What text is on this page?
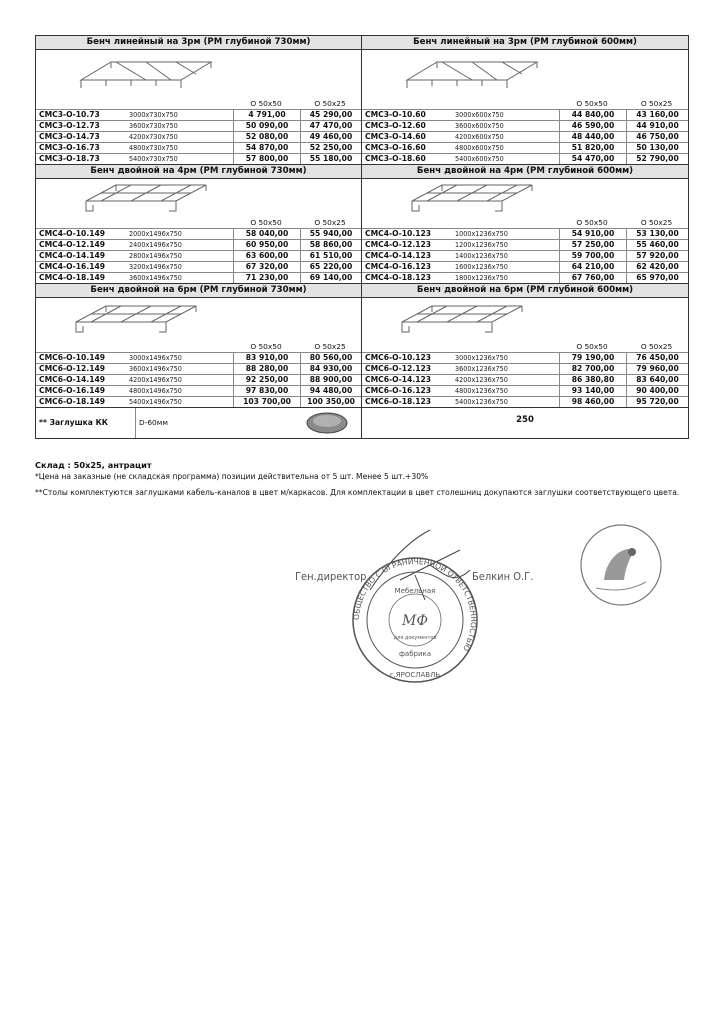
Бенч линейный на 3рм (РМ глубиной 730мм)
О 50х50	О 50х25
СМС3-О-10.73	3000х730х750	4 791,00	45 290,00
СМС3-О-12.73	3600х730х750	50 090,00	47 470,00
СМС3-О-14.73	4200х730х750	52 080,00	49 460,00
СМС3-О-16.73	4800х730х750	54 870,00	52 250,00
СМС3-О-18.73	5400х730х750	57 800,00	55 180,00
Бенч линейный на 3рм (РМ глубиной 600мм)
О 50х50	О 50х25
СМС3-О-10.60	3000х600х750	44 840,00	43 160,00
СМС3-О-12.60	3600х600х750	46 590,00	44 910,00
СМС3-О-14.60	4200х600х750	48 440,00	46 750,00
СМС3-О-16.60	4800х600х750	51 820,00	50 130,00
СМС3-О-18.60	5400х600х750	54 470,00	52 790,00
Бенч двойной на 4рм (РМ глубиной 730мм)
О 50х50	О 50х25
СМС4-О-10.149	2000х1496х750	58 040,00	55 940,00
СМС4-О-12.149	2400х1496х750	60 950,00	58 860,00
СМС4-О-14.149	2800х1496х750	63 600,00	61 510,00
СМС4-О-16.149	3200х1496х750	67 320,00	65 220,00
СМС4-О-18.149	3600х1496х750	71 230,00	69 140,00
Бенч двойной на 4рм (РМ глубиной 600мм)
О 50х50	О 50х25
СМС4-О-10.123	1000х1236х750	54 910,00	53 130,00
СМС4-О-12.123	1200х1236х750	57 250,00	55 460,00
СМС4-О-14.123	1400х1236х750	59 700,00	57 920,00
СМС4-О-16.123	1600х1236х750	64 210,00	62 420,00
СМС4-О-18.123	1800х1236х750	67 760,00	65 970,00
Бенч двойной на 6рм (РМ глубиной 730мм)
О 50х50	О 50х25
СМС6-О-10.149	3000х1496х750	83 910,00	80 560,00
СМС6-О-12.149	3600х1496х750	88 280,00	84 930,00
СМС6-О-14.149	4200х1496х750	92 250,00	88 900,00
СМС6-О-16.149	4800х1496х750	97 830,00	94 480,00
СМС6-О-18.149	5400х1496х750	103 700,00	100 350,00
Бенч двойной на 6рм (РМ глубиной 600мм)
О 50х50	О 50х25
СМС6-О-10.123	3000х1236х750	79 190,00	76 450,00
СМС6-О-12.123	3600х1236х750	82 700,00	79 960,00
СМС6-О-14.123	4200х1236х750	86 380,80	83 640,00
СМС6-О-16.123	4800х1236х750	93 140,00	90 400,00
СМС6-О-18.123	5400х1236х750	98 460,00	95 720,00
** Заглушка КК	D-60мм	250
Склад : 50х25, антрацит
*Цена на заказные (не складская программа) позиции действительна от 5 шт. Менее 5 шт.+30%
**Столы комплектуются заглушками кабель-каналов в цвет м/каркасов. Для комплектации в цвет столешниц докупаются заглушки соответствующего цвета.
Ген.директор	Белкин О.Г.
ОБЩЕСТВО С ОГРАНИЧЕННОЙ ОТВЕТСТВЕННОСТЬЮ
Мебельная
МФ
для документов
фабрика
г.ЯРОСЛАВЛЬ
